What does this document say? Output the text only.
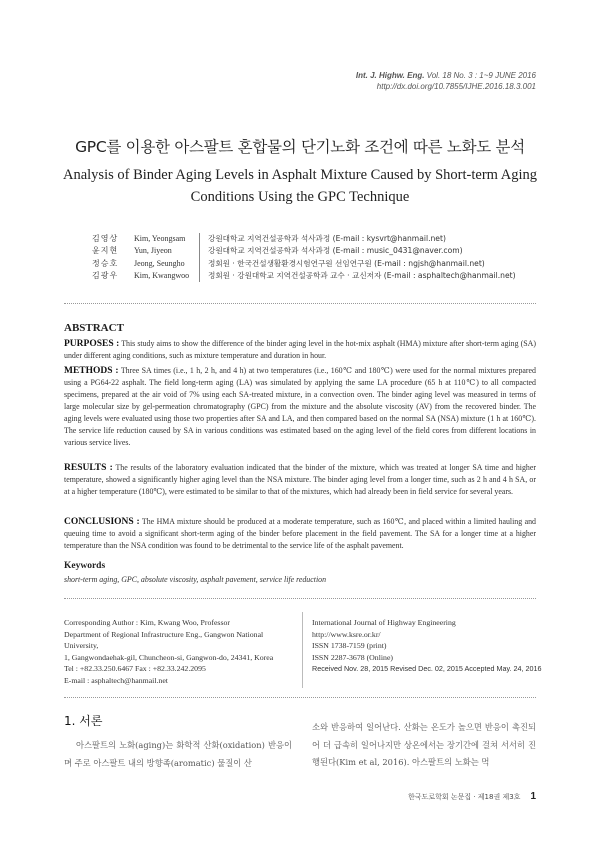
Int. J. Highw. Eng. Vol. 18 No. 3 : 1~9 JUNE 2016
http://dx.doi.org/10.7855/IJHE.2016.18.3.001
GPC를 이용한 아스팔트 혼합물의 단기노화 조건에 따른 노화도 분석
Analysis of Binder Aging Levels in Asphalt Mixture Caused by Short-term Aging
Conditions Using the GPC Technique
김영상	Kim, Yeongsam	강원대학교 지역건설공학과 석사과정 (E-mail : kysvrt@hanmail.net)
윤지현	Yun, Jiyeon	강원대학교 지역건설공학과 석사과정 (E-mail : music_0431@naver.com)
정승호	Jeong, Seungho	정회원 · 한국건설생활환경시험연구원 선임연구원 (E-mail : ngjsh@hanmail.net)
김광우	Kim, Kwangwoo	정회원 · 강원대학교 지역건설공학과 교수 · 교신저자 (E-mail : asphaltech@hanmail.net)
ABSTRACT
PURPOSES : This study aims to show the difference of the binder aging level in the hot-mix asphalt (HMA) mixture after short-term aging (SA) under different aging conditions, such as mixture temperature and duration in hour.
METHODS : Three SA times (i.e., 1 h, 2 h, and 4 h) at two temperatures (i.e., 160℃ and 180℃) were used for the normal mixtures prepared using a PG64-22 asphalt. The field long-term aging (LA) was simulated by applying the same LA procedure (65 h at 110℃) to all compacted specimens, prepared at the air void of 7% using each SA-treated mixture, in a convection oven. The binder aging level was measured in terms of large molecular size by gel-permeation chromatography (GPC) from the mixture and the absolute viscosity (AV) from the recovered binder. The aging levels were evaluated using those two properties after SA and LA, and then compared based on the normal SA (NSA) mixture (1 h at 160℃). The service life reduction caused by SA in various conditions was estimated based on the aging level of the field cores from different locations in various service lives.
RESULTS : The results of the laboratory evaluation indicated that the binder of the mixture, which was treated at longer SA time and higher temperature, showed a significantly higher aging level than the NSA mixture. The binder aging level from a longer time, such as 2 h and 4 h SA, or at a higher temperature (180℃), were estimated to be similar to that of the mixtures, which had already been in field service for several years.
CONCLUSIONS : The HMA mixture should be produced at a moderate temperature, such as 160℃, and placed within a limited hauling and queuing time to avoid a significant short-term aging of the binder before placement in the field pavement. The SA for a longer time at a higher temperature than the NSA condition was found to be detrimental to the service life of the asphalt pavement.
Keywords
short-term aging, GPC, absolute viscosity, asphalt pavement, service life reduction
Corresponding Author : Kim, Kwang Woo, Professor
Department of Regional Infrastructure Eng., Gangwon National University,
1, Gangwondaehak-gil, Chuncheon-si, Gangwon-do, 24341, Korea
Tel : +82.33.250.6467 Fax : +82.33.242.2095
E-mail : asphaltech@hanmail.net
International Journal of Highway Engineering
http://www.ksre.or.kr/
ISSN 1738-7159 (print)
ISSN 2287-3678 (Online)
Received Nov. 28, 2015 Revised Dec. 02, 2015 Accepted May. 24, 2016
1. 서론
아스팔트의 노화(aging)는 화학적 산화(oxidation) 반응이며 주로 아스팔트 내의 방향족(aromatic) 물질이 산
소와 반응하여 일어난다. 산화는 온도가 높으면 반응이 촉진되어 더 급속히 일어나지만 상온에서는 장기간에 걸쳐 서서히 진행된다(Kim et al, 2016). 아스팔트의 노화는 먹
한국도로학회 논문집 · 제18권 제3호 1
